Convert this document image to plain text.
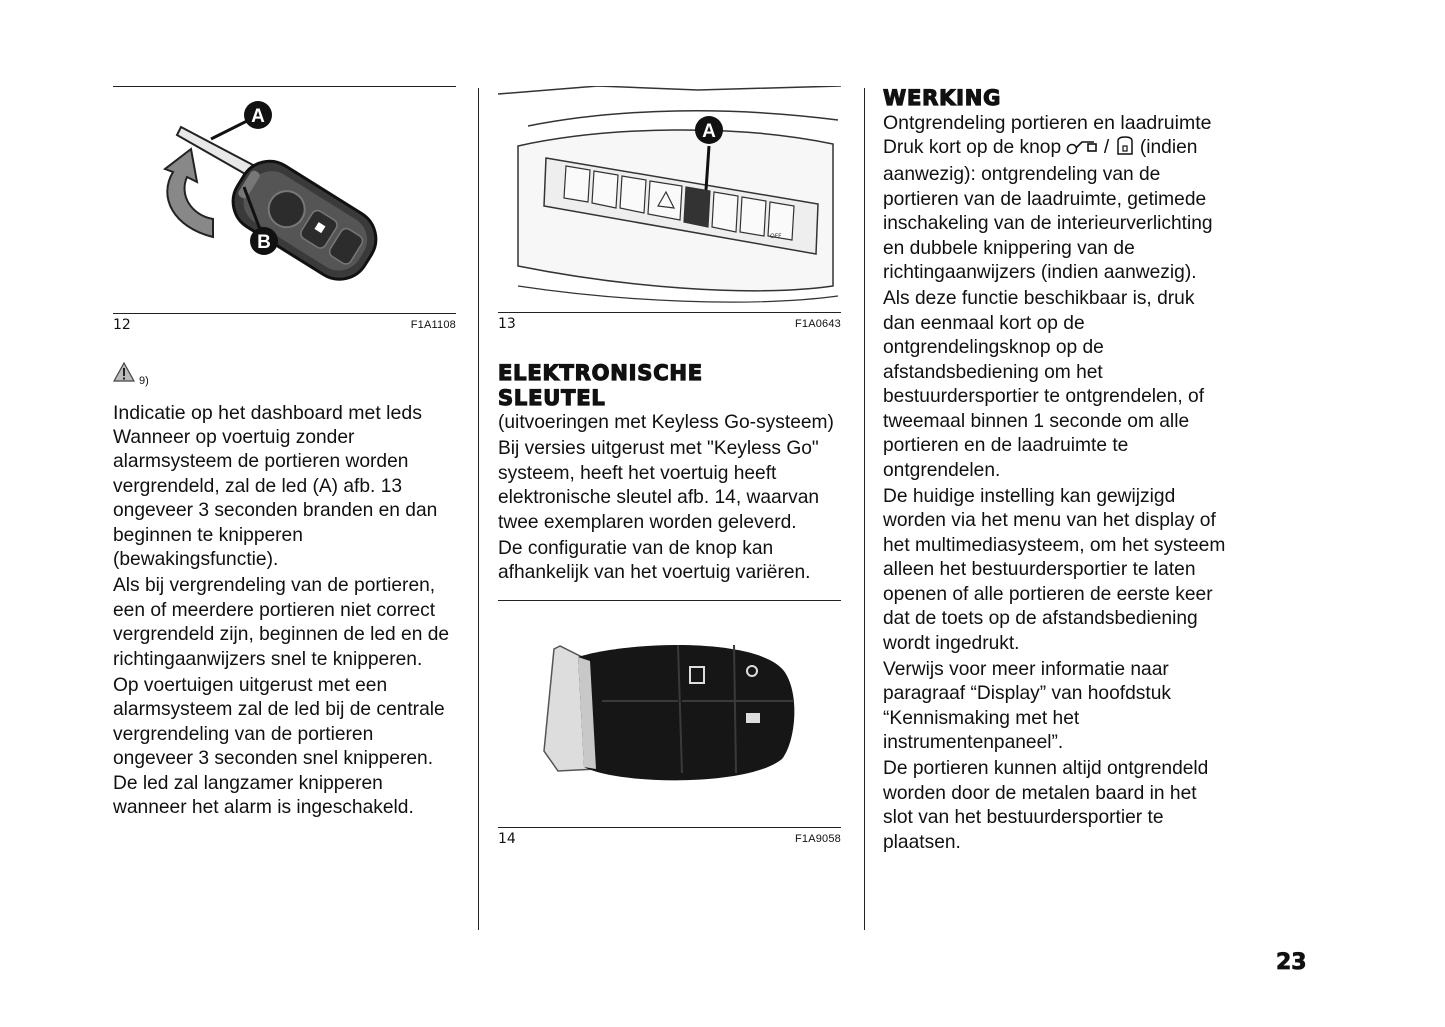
A
B
12	F1A1108
9)
Indicatie op het dashboard met leds

Wanneer op voertuig zonder alarmsysteem de portieren worden vergrendeld, zal de led (A) afb. 13 ongeveer 3 seconden branden en dan beginnen te knipperen (bewakingsfunctie).

Als bij vergrendeling van de portieren, een of meerdere portieren niet correct vergrendeld zijn, beginnen de led en de richtingaanwijzers snel te knipperen.

Op voertuigen uitgerust met een alarmsysteem zal de led bij de centrale vergrendeling van de portieren ongeveer 3 seconden snel knipperen. De led zal langzamer knipperen wanneer het alarm is ingeschakeld.

OFF
A
13	F1A0643
ELEKTRONISCHE
SLEUTEL

(uitvoeringen met Keyless Go-systeem)

Bij versies uitgerust met "Keyless Go" systeem, heeft het voertuig heeft elektronische sleutel afb. 14, waarvan twee exemplaren worden geleverd.

De configuratie van de knop kan afhankelijk van het voertuig variëren.

14	F1A9058
WERKING
Ontgrendeling portieren en laadruimte

Druk kort op de knop / (indien aanwezig): ontgrendeling van de portieren van de laadruimte, getimede inschakeling van de interieurverlichting en dubbele knippering van de richtingaanwijzers (indien aanwezig).

Als deze functie beschikbaar is, druk dan eenmaal kort op de ontgrendelingsknop op de afstandsbediening om het bestuurdersportier te ontgrendelen, of tweemaal binnen 1 seconde om alle portieren en de laadruimte te ontgrendelen.

De huidige instelling kan gewijzigd worden via het menu van het display of het multimediasysteem, om het systeem alleen het bestuurdersportier te laten openen of alle portieren de eerste keer dat de toets op de afstandsbediening wordt ingedrukt.

Verwijs voor meer informatie naar paragraaf “Display” van hoofdstuk “Kennismaking met het instrumentenpaneel”.

De portieren kunnen altijd ontgrendeld worden door de metalen baard in het slot van het bestuurdersportier te plaatsen.

23
